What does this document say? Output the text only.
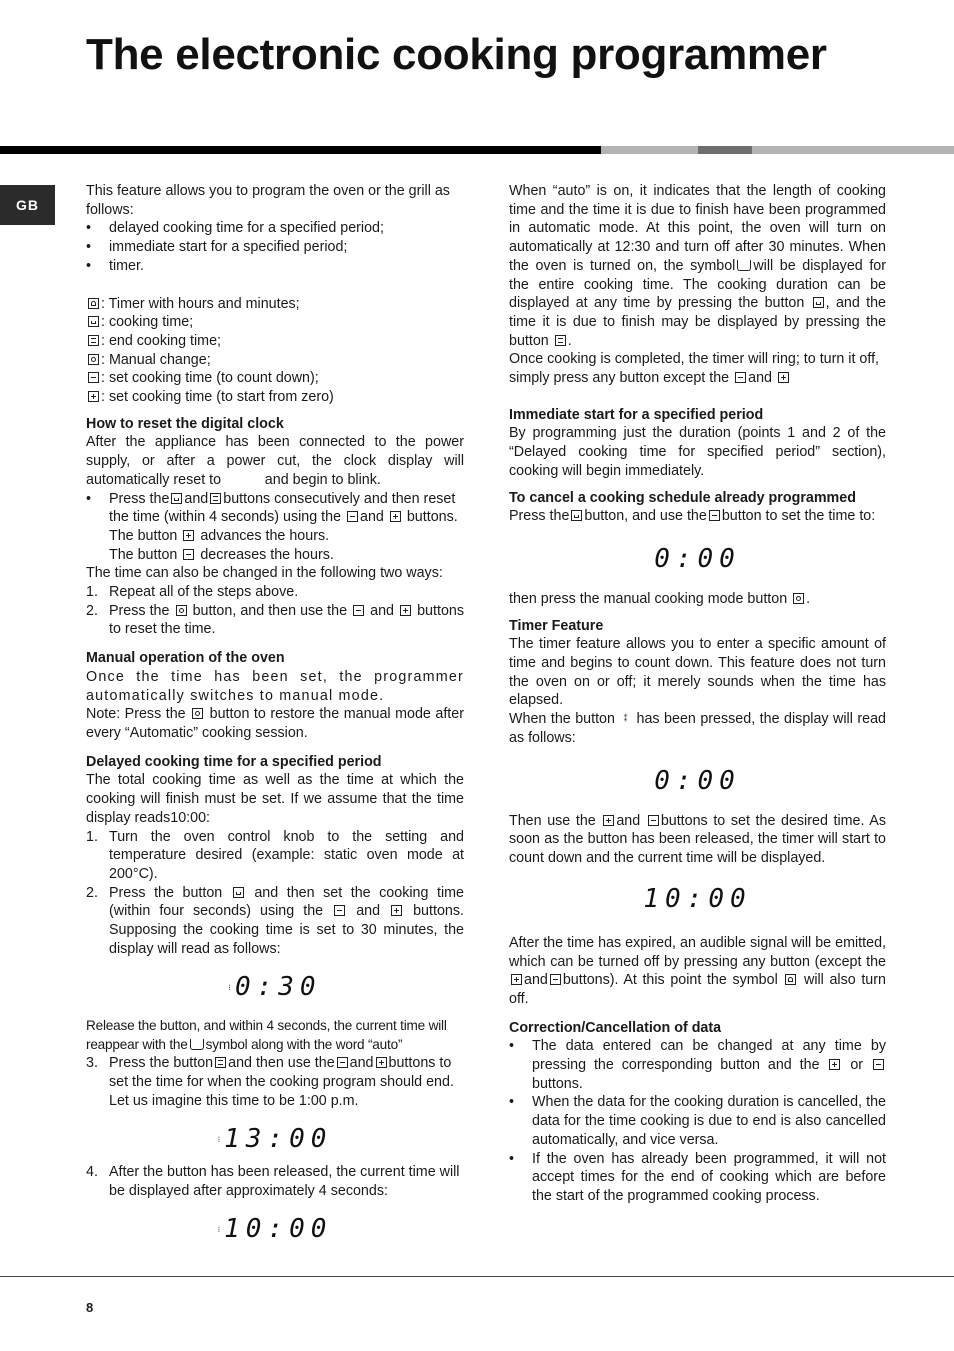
The electronic cooking programmer
GB

This feature allows you to program the oven or the grill as follows:

• delayed cooking time for a specified period;
• immediate start for a specified period;
• timer.

: Timer with hours and minutes;

: cooking time;

: end cooking time;

: Manual change;

: set cooking time (to count down);

: set cooking time (to start from zero)

How to reset the digital clock

After the appliance has been connected to the power supply, or after a power cut, the clock display will automatically reset to	and begin to blink.

• Press the and buttons consecutively and then reset the time (within 4 seconds) using the and buttons.
The button advances the hours.
The button decreases the hours.

The time can also be changed in the following two ways:

1. Repeat all of the steps above.
2. Press the button, and then use the and buttons to reset the time.

Manual operation of the oven

Once the time has been set, the programmer automatically switches to manual mode.

Note: Press the button to restore the manual mode after every “Automatic” cooking session.

Delayed cooking time for a specified period

The total cooking time as well as the time at which the cooking will finish must be set. If we assume that the time display reads10:00:

1. Turn the oven control knob to the setting and temperature desired (example: static oven mode at 200°C).
2. Press the button and then set the cooking time (within four seconds) using the and buttons. Supposing the cooking time is set to 30 minutes, the display will read as follows:
⁝ 0:30

Release the button, and within 4 seconds, the current time will reappear with the symbol along with the word “auto”

3. Press the button and then use the and buttons to set the time for when the cooking program should end. Let us imagine this time to be 1:00 p.m.
⁝ 13:00
4. After the button has been released, the current time will be displayed after approximately 4 seconds:
⁝ 10:00

When “auto” is on, it indicates that the length of cooking time and the time it is due to finish have been programmed in automatic mode. At this point, the oven will turn on automatically at 12:30 and turn off after 30 minutes. When the oven is turned on, the symbol will be displayed for the entire cooking time. The cooking duration can be displayed at any time by pressing the button , and the time it is due to finish may be displayed by pressing the button .

Once cooking is completed, the timer will ring; to turn it off, simply press any button except the and

Immediate start for a specified period

By programming just the duration (points 1 and 2 of the “Delayed cooking time for specified period” section), cooking will begin immediately.

To cancel a cooking schedule already programmed

Press the button, and use the button to set the time to:

0:00

then press the manual cooking mode button .

Timer Feature

The timer feature allows you to enter a specific amount of time and begins to count down. This feature does not turn the oven on or off; it merely sounds when the time has elapsed.

When the button ⁑ has been pressed, the display will read as follows:

0:00

Then use the and buttons to set the desired time. As soon as the button has been released, the timer will start to count down and the current time will be displayed.

10:00

After the time has expired, an audible signal will be emitted, which can be turned off by pressing any button (except theand buttons). At this point the symbol will also turn off.

Correction/Cancellation of data

• The data entered can be changed at any time by pressing the corresponding button and the or  buttons.
• When the data for the cooking duration is cancelled, the data for the time cooking is due to end is also cancelled automatically, and vice versa.
• If the oven has already been programmed, it will not accept times for the end of cooking which are before the start of the programmed cooking process.
8
